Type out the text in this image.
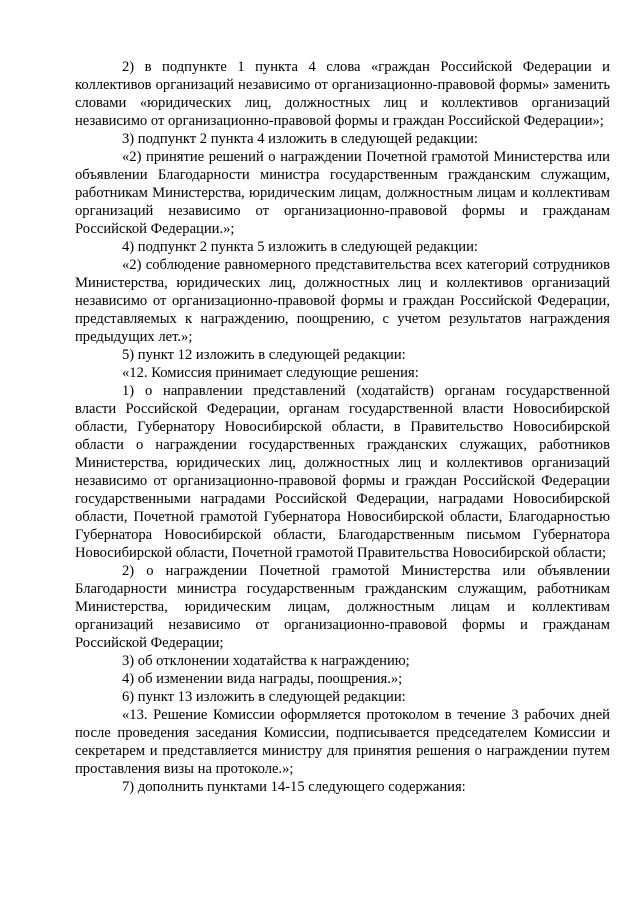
2) в подпункте 1 пункта 4 слова «граждан Российской Федерации и коллективов организаций независимо от организационно-правовой формы» заменить словами «юридических лиц, должностных лиц и коллективов организаций независимо от организационно-правовой формы и граждан Российской Федерации»;

3) подпункт 2 пункта 4 изложить в следующей редакции:

«2) принятие решений о награждении Почетной грамотой Министерства или объявлении Благодарности министра государственным гражданским служащим, работникам Министерства, юридическим лицам, должностным лицам и коллективам организаций независимо от организационно-правовой формы и гражданам Российской Федерации.»;

4) подпункт 2 пункта 5 изложить в следующей редакции:

«2) соблюдение равномерного представительства всех категорий сотрудников Министерства, юридических лиц, должностных лиц и коллективов организаций независимо от организационно-правовой формы и граждан Российской Федерации, представляемых к награждению, поощрению, с учетом результатов награждения предыдущих лет.»;

5) пункт 12 изложить в следующей редакции:

«12. Комиссия принимает следующие решения:

1) о направлении представлений (ходатайств) органам государственной власти Российской Федерации, органам государственной власти Новосибирской области, Губернатору Новосибирской области, в Правительство Новосибирской области о награждении государственных гражданских служащих, работников Министерства, юридических лиц, должностных лиц и коллективов организаций независимо от организационно-правовой формы и граждан Российской Федерации государственными наградами Российской Федерации, наградами Новосибирской области, Почетной грамотой Губернатора Новосибирской области, Благодарностью Губернатора Новосибирской области, Благодарственным письмом Губернатора Новосибирской области, Почетной грамотой Правительства Новосибирской области;

2) о награждении Почетной грамотой Министерства или объявлении Благодарности министра государственным гражданским служащим, работникам Министерства, юридическим лицам, должностным лицам и коллективам организаций независимо от организационно-правовой формы и гражданам Российской Федерации;

3) об отклонении ходатайства к награждению;

4) об изменении вида награды, поощрения.»;

6) пункт 13 изложить в следующей редакции:

«13. Решение Комиссии оформляется протоколом в течение 3 рабочих дней после проведения заседания Комиссии, подписывается председателем Комиссии и секретарем и представляется министру для принятия решения о награждении путем проставления визы на протоколе.»;

7) дополнить пунктами 14-15 следующего содержания:
